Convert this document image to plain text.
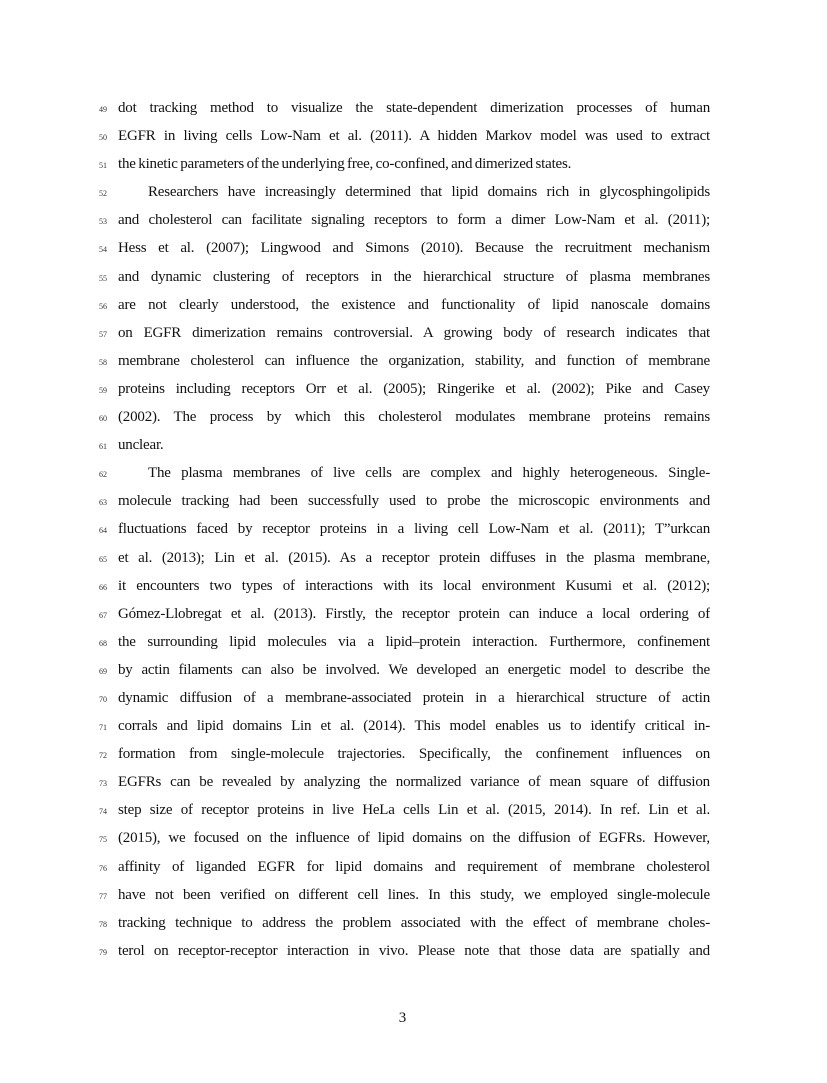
49 dot tracking method to visualize the state-dependent dimerization processes of human
50 EGFR in living cells Low-Nam et al. (2011). A hidden Markov model was used to extract
51 the kinetic parameters of the underlying free, co-confined, and dimerized states.
52	Researchers have increasingly determined that lipid domains rich in glycosphingolipids
53 and cholesterol can facilitate signaling receptors to form a dimer Low-Nam et al. (2011);
54 Hess et al. (2007); Lingwood and Simons (2010). Because the recruitment mechanism
55 and dynamic clustering of receptors in the hierarchical structure of plasma membranes
56 are not clearly understood, the existence and functionality of lipid nanoscale domains
57 on EGFR dimerization remains controversial. A growing body of research indicates that
58 membrane cholesterol can influence the organization, stability, and function of membrane
59 proteins including receptors Orr et al. (2005); Ringerike et al. (2002); Pike and Casey
60 (2002). The process by which this cholesterol modulates membrane proteins remains
61 unclear.
62	The plasma membranes of live cells are complex and highly heterogeneous. Single-
63 molecule tracking had been successfully used to probe the microscopic environments and
64 fluctuations faced by receptor proteins in a living cell Low-Nam et al. (2011); T”urkcan
65 et al. (2013); Lin et al. (2015). As a receptor protein diffuses in the plasma membrane,
66 it encounters two types of interactions with its local environment Kusumi et al. (2012);
67 Gómez-Llobregat et al. (2013). Firstly, the receptor protein can induce a local ordering of
68 the surrounding lipid molecules via a lipid–protein interaction. Furthermore, confinement
69 by actin filaments can also be involved. We developed an energetic model to describe the
70 dynamic diffusion of a membrane-associated protein in a hierarchical structure of actin
71 corrals and lipid domains Lin et al. (2014). This model enables us to identify critical in-
72 formation from single-molecule trajectories. Specifically, the confinement influences on
73 EGFRs can be revealed by analyzing the normalized variance of mean square of diffusion
74 step size of receptor proteins in live HeLa cells Lin et al. (2015, 2014). In ref. Lin et al.
75 (2015), we focused on the influence of lipid domains on the diffusion of EGFRs. However,
76 affinity of liganded EGFR for lipid domains and requirement of membrane cholesterol
77 have not been verified on different cell lines. In this study, we employed single-molecule
78 tracking technique to address the problem associated with the effect of membrane choles-
79 terol on receptor-receptor interaction in vivo. Please note that those data are spatially and
3
